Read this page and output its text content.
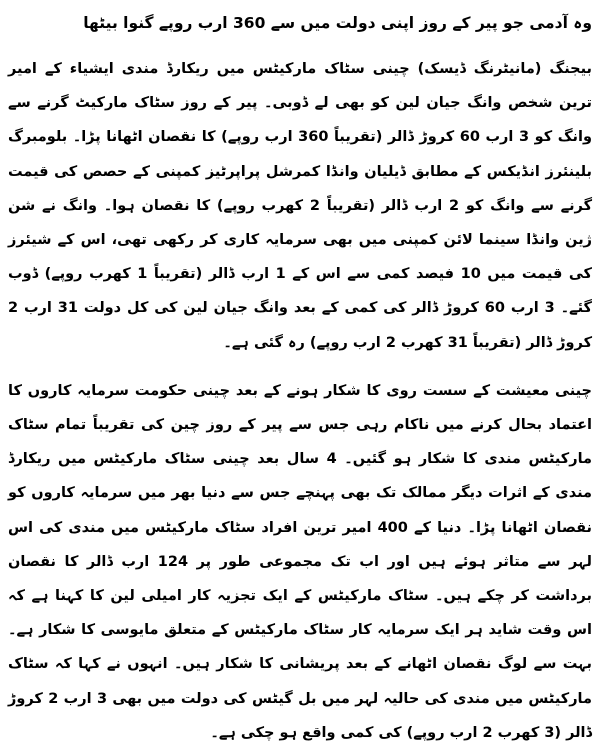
وہ آدمی جو پیر کے روز اپنی دولت میں سے 360 ارب روپے گنوا بیٹھا

بیجنگ (مانیٹرنگ ڈیسک) چینی سٹاک مارکیٹس میں ریکارڈ مندی ایشیاء کے امیر ترین شخص وانگ جیان لین کو بھی لے ڈوبی۔ پیر کے روز سٹاک مارکیٹ گرنے سے وانگ کو 3 ارب 60 کروڑ ڈالر (تقریباً 360 ارب روپے) کا نقصان اٹھانا پڑا۔ بلومبرگ بلینئرز انڈیکس کے مطابق ڈیلیان وانڈا کمرشل پراپرٹیز کمپنی کے حصص کی قیمت گرنے سے وانگ کو 2 ارب ڈالر (تقریباً 2 کھرب روپے) کا نقصان ہوا۔ وانگ نے شن ژین وانڈا سینما لائن کمپنی میں بھی سرمایہ کاری کر رکھی تھی، اس کے شیئرز کی قیمت میں 10 فیصد کمی سے اس کے 1 ارب ڈالر (تقریباً 1 کھرب روپے) ڈوب گئے۔ 3 ارب 60 کروڑ ڈالر کی کمی کے بعد وانگ جیان لین کی کل دولت 31 ارب 2 کروڑ ڈالر (تقریباً 31 کھرب 2 ارب روپے) رہ گئی ہے۔

چینی معیشت کے سست روی کا شکار ہونے کے بعد چینی حکومت سرمایہ کاروں کا اعتماد بحال کرنے میں ناکام رہی جس سے پیر کے روز چین کی تقریباً تمام سٹاک مارکیٹس مندی کا شکار ہو گئیں۔ 4 سال بعد چینی سٹاک مارکیٹس میں ریکارڈ مندی کے اثرات دیگر ممالک تک بھی پہنچے جس سے دنیا بھر میں سرمایہ کاروں کو نقصان اٹھانا پڑا۔ دنیا کے 400 امیر ترین افراد سٹاک مارکیٹس میں مندی کی اس لہر سے متاثر ہوئے ہیں اور اب تک مجموعی طور پر 124 ارب ڈالر کا نقصان برداشت کر چکے ہیں۔ سٹاک مارکیٹس کے ایک تجزیہ کار امیلی لین کا کہنا ہے کہ اس وقت شاید ہر ایک سرمایہ کار سٹاک مارکیٹس کے متعلق مایوسی کا شکار ہے۔ بہت سے لوگ نقصان اٹھانے کے بعد پریشانی کا شکار ہیں۔ انہوں نے کہا کہ سٹاک مارکیٹس میں مندی کی حالیہ لہر میں بل گیٹس کی دولت میں بھی 3 ارب 2 کروڑ ڈالر (3 کھرب 2 ارب روپے) کی کمی واقع ہو چکی ہے۔
